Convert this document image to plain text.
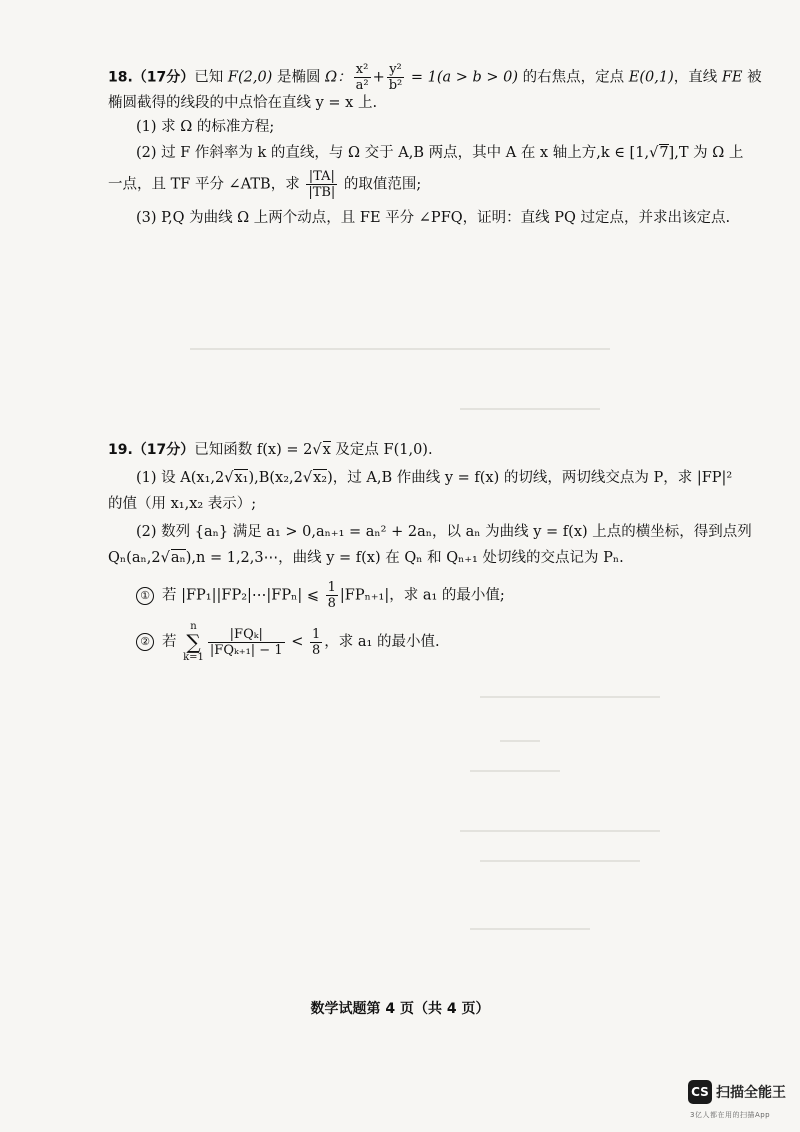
18.（17分）已知 F(2,0) 是椭圆 Ω： $\frac{\text{x²}}{\text{a²}} + \frac{\text{y²}}{\text{b²}} = 1(a > b > 0)$ 的右焦点，定点 E(0,1)，直线 FE 被

椭圆截得的线段的中点恰在直线 y = x 上.

(1) 求 Ω 的标准方程;

(2) 过 F 作斜率为 k 的直线，与 Ω 交于 A,B 两点，其中 A 在 x 轴上方,k ∈ [1,√7],T 为 Ω 上

一点，且 TF 平分 ∠ATB，求 $\frac{|TA|}{|TB|}$ 的取值范围;

(3) P,Q 为曲线 Ω 上两个动点，且 FE 平分 ∠PFQ，证明：直线 PQ 过定点，并求出该定点.

19.（17分）已知函数 f(x) = 2√x 及定点 F(1,0).

(1) 设 A(x₁,2√x₁),B(x₂,2√x₂)，过 A,B 作曲线 y = f(x) 的切线，两切线交点为 P，求 |FP|²

的值（用 x₁,x₂ 表示）;

(2) 数列 {aₙ} 满足 a₁ > 0,aₙ₊₁ = aₙ² + 2aₙ，以 aₙ 为曲线 y = f(x) 上点的横坐标，得到点列

Qₙ(aₙ,2√aₙ),n = 1,2,3⋯，曲线 y = f(x) 在 Qₙ 和 Qₙ₊₁ 处切线的交点记为 Pₙ.

① 若 |FP₁||FP₂|⋯|FPₙ| ⩽ $\frac{1}{8} |FP_{n+1}|$，求 a₁ 的最小值;

② 若 n
∑
$k=1 \frac{\text{|FQₖ|}}{\text{|FQₖ₊₁| − 1}} < \frac{1}{8}$ ，求 a₁ 的最小值.

数学试题第 4 页（共 4 页）
CS 扫描全能王
3亿人都在用的扫描App
